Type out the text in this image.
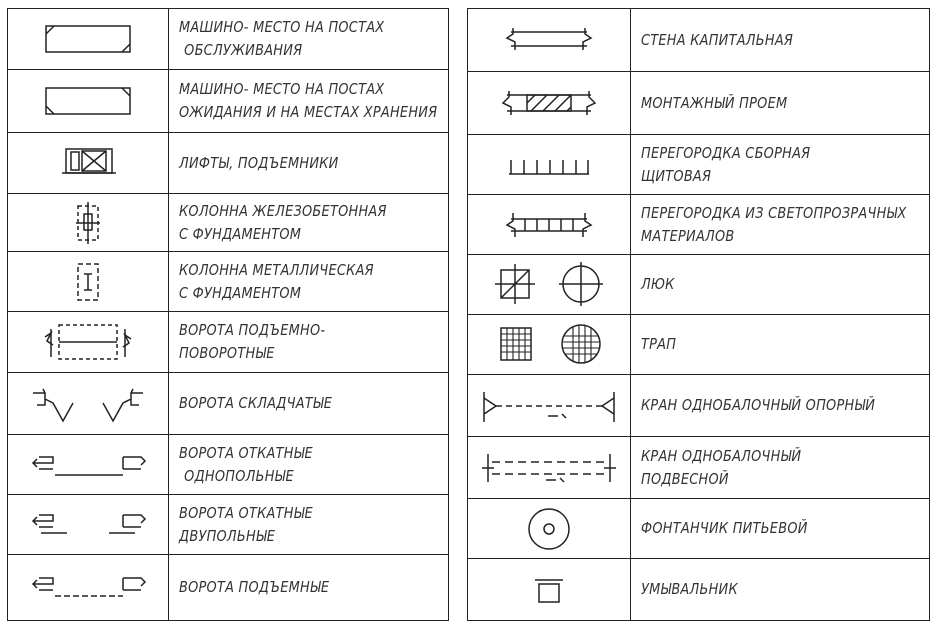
МАШИНО- МЕСТО НА ПОСТАХ
ОБСЛУЖИВАНИЯ

МАШИНО- МЕСТО НА ПОСТАХ
ОЖИДАНИЯ И НА МЕСТАХ ХРАНЕНИЯ

ЛИФТЫ, ПОДЪЕМНИКИ

КОЛОННА ЖЕЛЕЗОБЕТОННАЯ
С ФУНДАМЕНТОМ

КОЛОННА МЕТАЛЛИЧЕСКАЯ
С ФУНДАМЕНТОМ

ВОРОТА ПОДЪЕМНО-
ПОВОРОТНЫЕ

ВОРОТА СКЛАДЧАТЫЕ

ВОРОТА ОТКАТНЫЕ
ОДНОПОЛЬНЫЕ

ВОРОТА ОТКАТНЫЕ
ДВУПОЛЬНЫЕ

ВОРОТА ПОДЪЕМНЫЕ

СТЕНА КАПИТАЛЬНАЯ

МОНТАЖНЫЙ ПРОЕМ

ПЕРЕГОРОДКА СБОРНАЯ
ЩИТОВАЯ

ПЕРЕГОРОДКА ИЗ СВЕТОПРОЗРАЧНЫХ
МАТЕРИАЛОВ

ЛЮК

ТРАП

КРАН ОДНОБАЛОЧНЫЙ ОПОРНЫЙ

КРАН ОДНОБАЛОЧНЫЙ
ПОДВЕСНОЙ

ФОНТАНЧИК ПИТЬЕВОЙ

УМЫВАЛЬНИК
